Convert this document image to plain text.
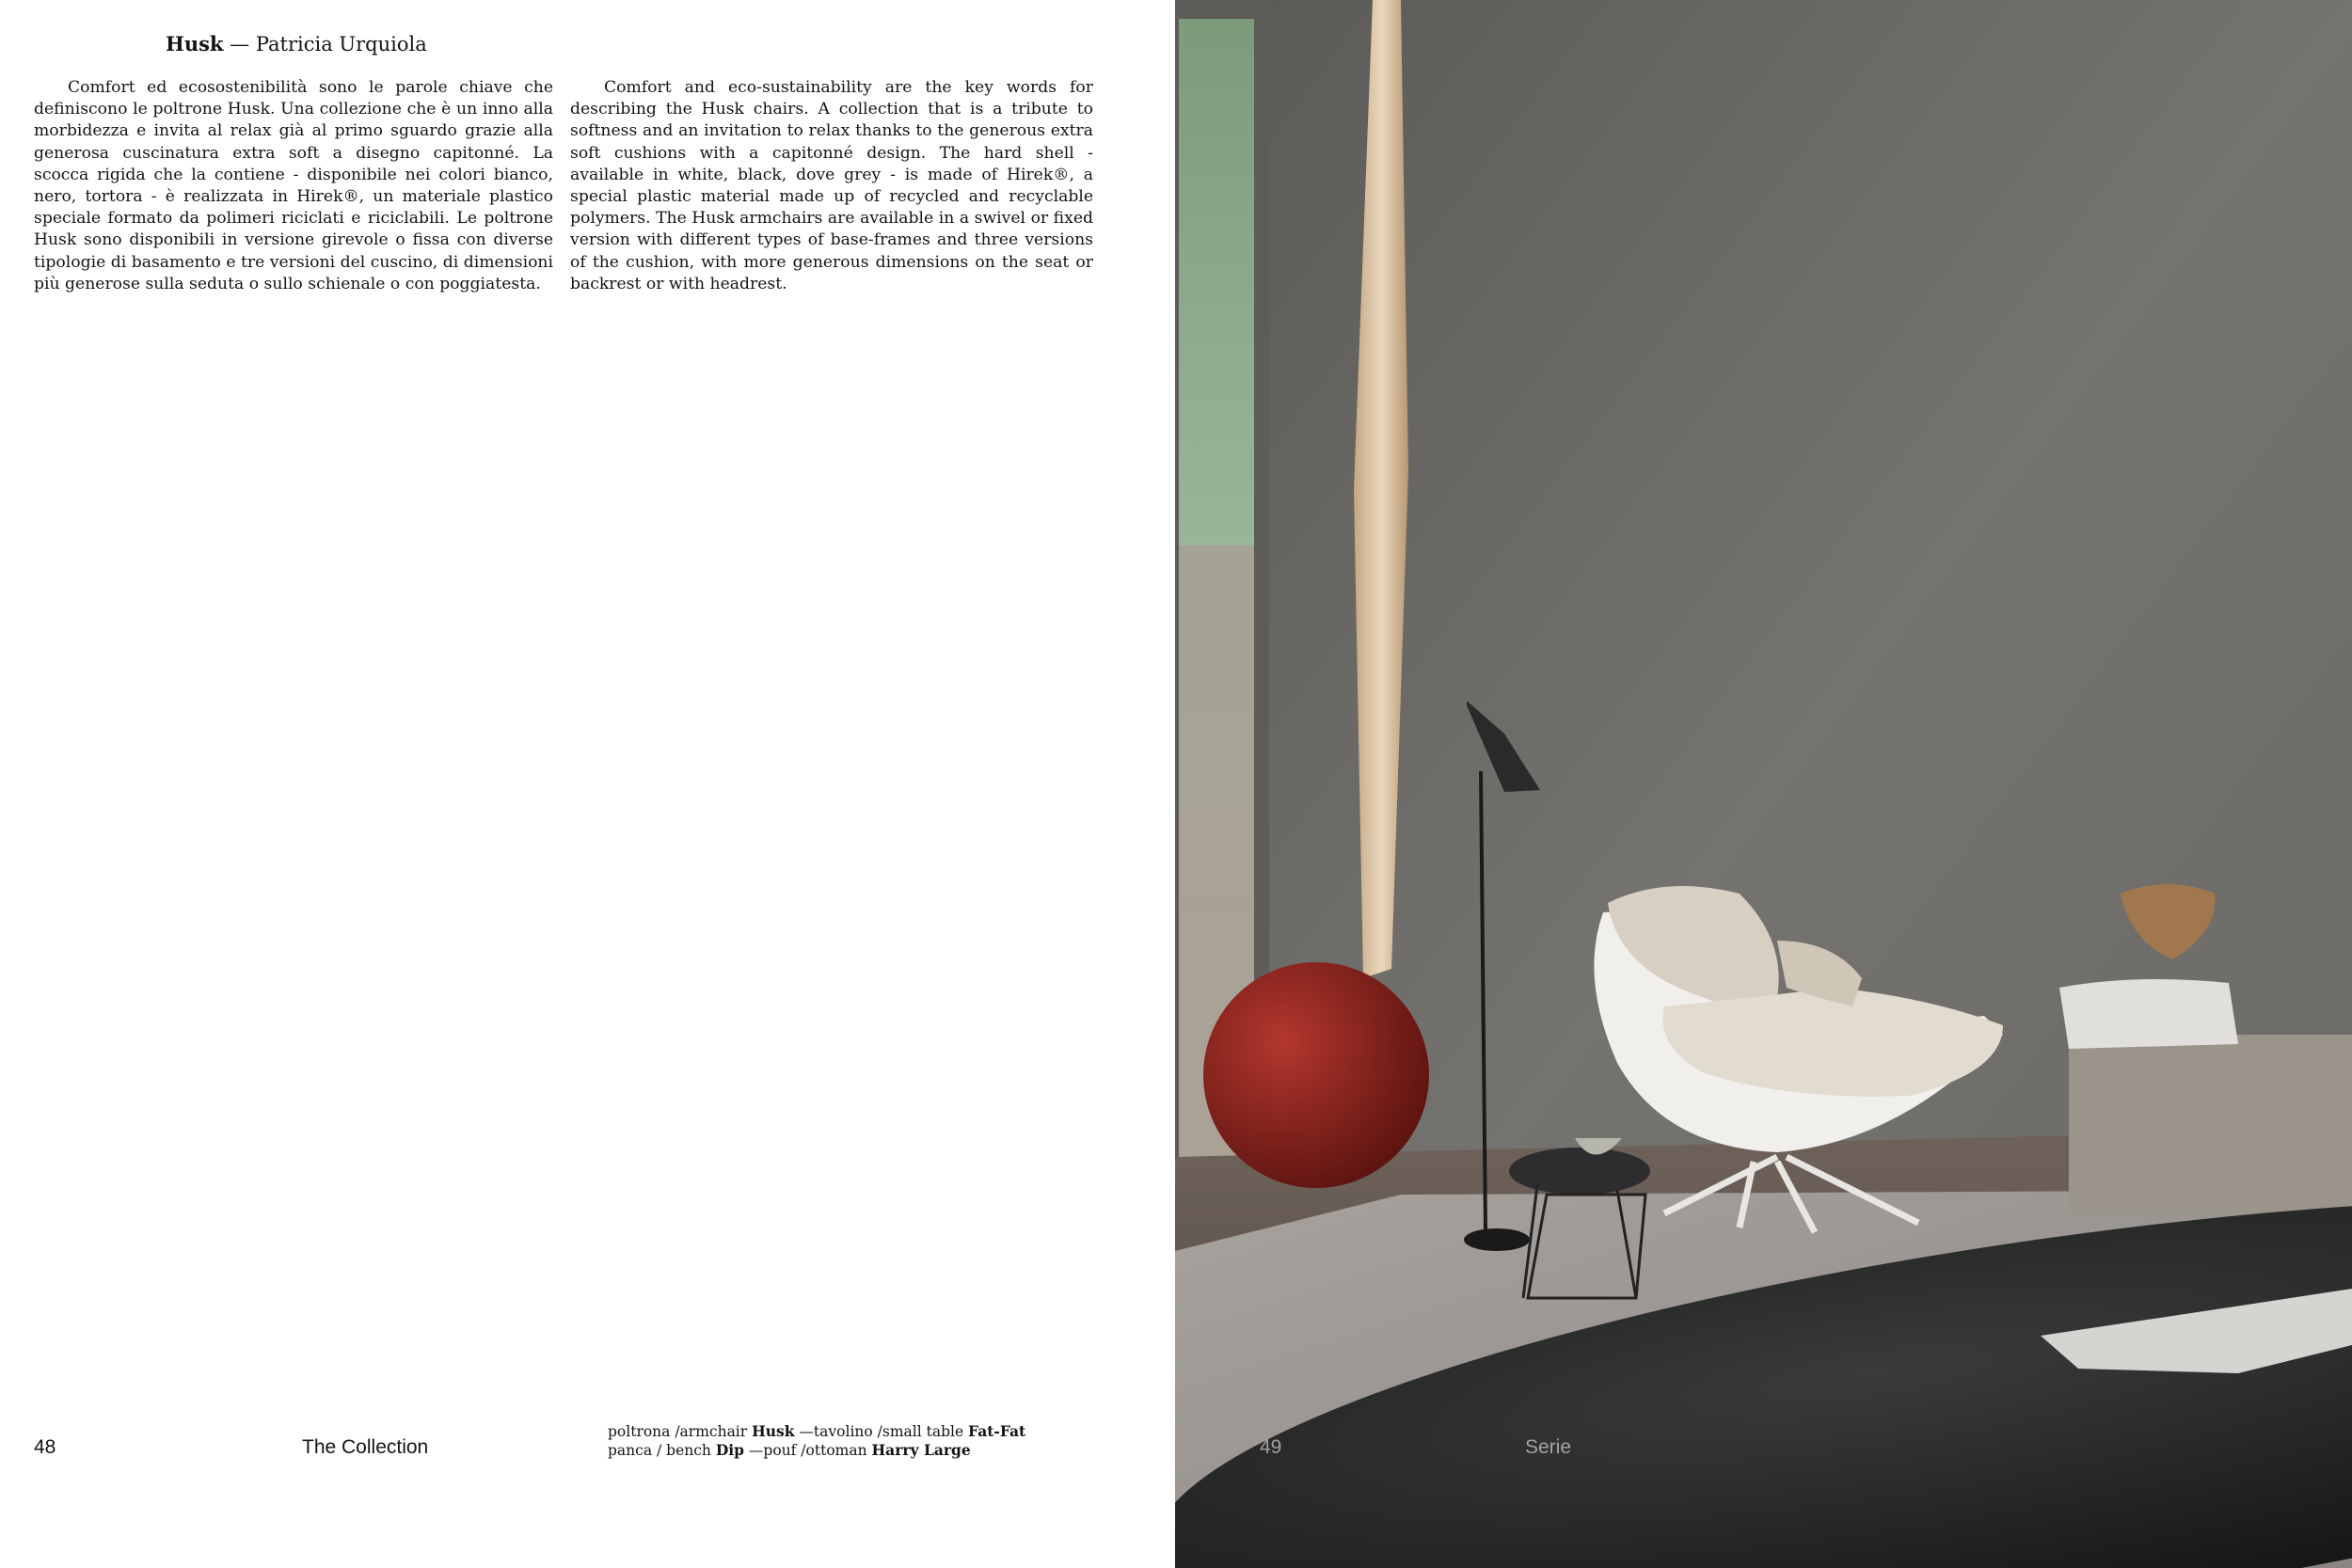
Husk — Patricia Urquiola

Comfort ed ecosostenibilità sono le parole chiave che definiscono le poltrone Husk. Una collezione che è un inno alla morbidezza e invita al relax già al primo sguardo grazie alla generosa cuscinatura extra soft a disegno capitonné. La scocca rigida che la contiene - disponibile nei colori bianco, nero, tortora - è realizzata in Hirek®, un materiale plastico speciale formato da polimeri riciclati e riciclabili. Le poltrone Husk sono disponibili in versione girevole o fissa con diverse tipologie di basamento e tre versioni del cuscino, di dimensioni più generose sulla seduta o sullo schienale o con poggiatesta.

Comfort and eco-sustainability are the key words for describing the Husk chairs. A collection that is a tribute to softness and an invitation to relax thanks to the generous extra soft cushions with a capitonné design. The hard shell - available in white, black, dove grey - is made of Hirek®, a special plastic material made up of recycled and recyclable polymers. The Husk armchairs are available in a swivel or fixed version with different types of base-frames and three versions of the cushion, with more generous dimensions on the seat or backrest or with headrest.

48	The Collection
poltrona /armchair Husk —tavolino /small table Fat-Fat
panca / bench Dip —pouf /ottoman Harry Large	49	Serie
